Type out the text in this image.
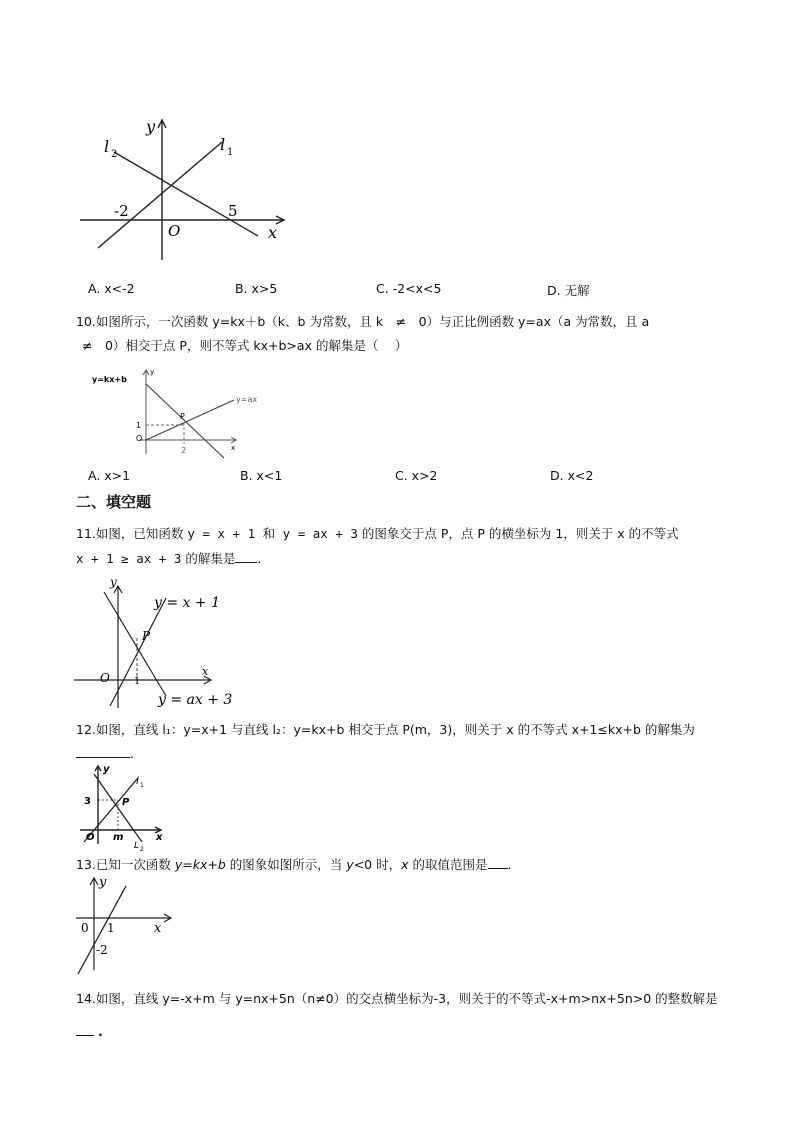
y
l 2
l 1
-2	5
O	x
A. x<-2	B. x>5	C. -2<x<5	D. 无解
10.如图所示，一次函数 y=kx＋b（k、b 为常数，且 k　≠　0）与正比例函数 y=ax（a 为常数，且 a
≠　0）相交于点 P，则不等式 kx+b>ax 的解集是（　 ）
y=kx+b
y=ax
y
x
P
1
O
2
A. x>1	B. x<1	C. x>2	D. x<2
二、填空题
11.如图，已知函数 y = x + 1 和 y = ax + 3 的图象交于点 P，点 P 的横坐标为 1，则关于 x 的不等式
x + 1 ≥ ax + 3 的解集是 .
y
y = x + 1
P
x
O 1
y = ax + 3
12.如图，直线 l₁：y=x+1 与直线 l₂：y=kx+b 相交于点 P(m，3)，则关于 x 的不等式 x+1≤kx+b 的解集为
.
y
l 1
3	P
O m	x
L 2
13.已知一次函数 y=kx+b 的图象如图所示，当 y<0 时，x 的取值范围是 .
y
0 1	x
-2
14.如图，直线 y=-x+m 与 y=nx+5n（n≠0）的交点横坐标为-3，则关于的不等式-x+m>nx+5n>0 的整数解是
.
